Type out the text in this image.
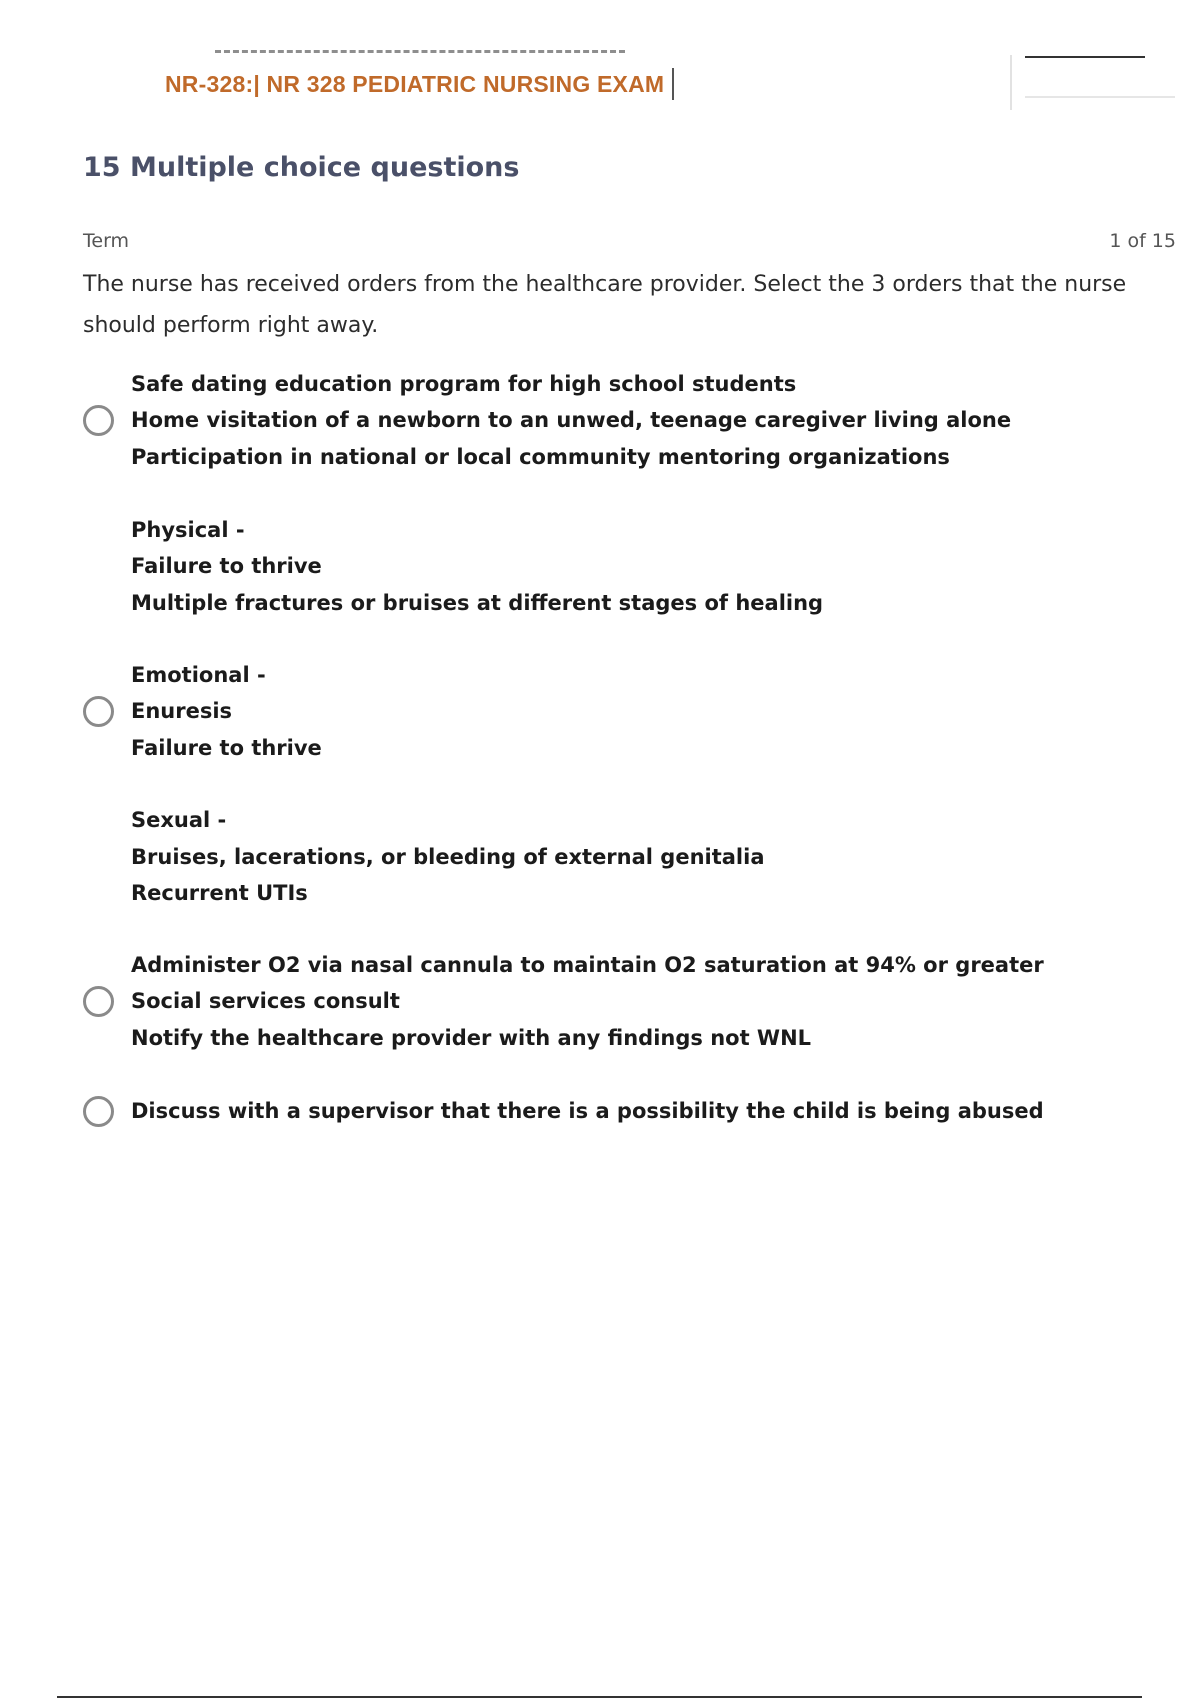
NR-328:| NR 328 PEDIATRIC NURSING EXAM
15 Multiple choice questions
Term	1 of 15
The nurse has received orders from the healthcare provider. Select the 3 orders that the nurse should perform right away.
Safe dating education program for high school students
Home visitation of a newborn to an unwed, teenage caregiver living alone
Participation in national or local community mentoring organizations
Physical -
Failure to thrive
Multiple fractures or bruises at different stages of healing

Emotional -
Enuresis
Failure to thrive

Sexual -
Bruises, lacerations, or bleeding of external genitalia
Recurrent UTIs
Administer O2 via nasal cannula to maintain O2 saturation at 94% or greater
Social services consult
Notify the healthcare provider with any findings not WNL
Discuss with a supervisor that there is a possibility the child is being abused
